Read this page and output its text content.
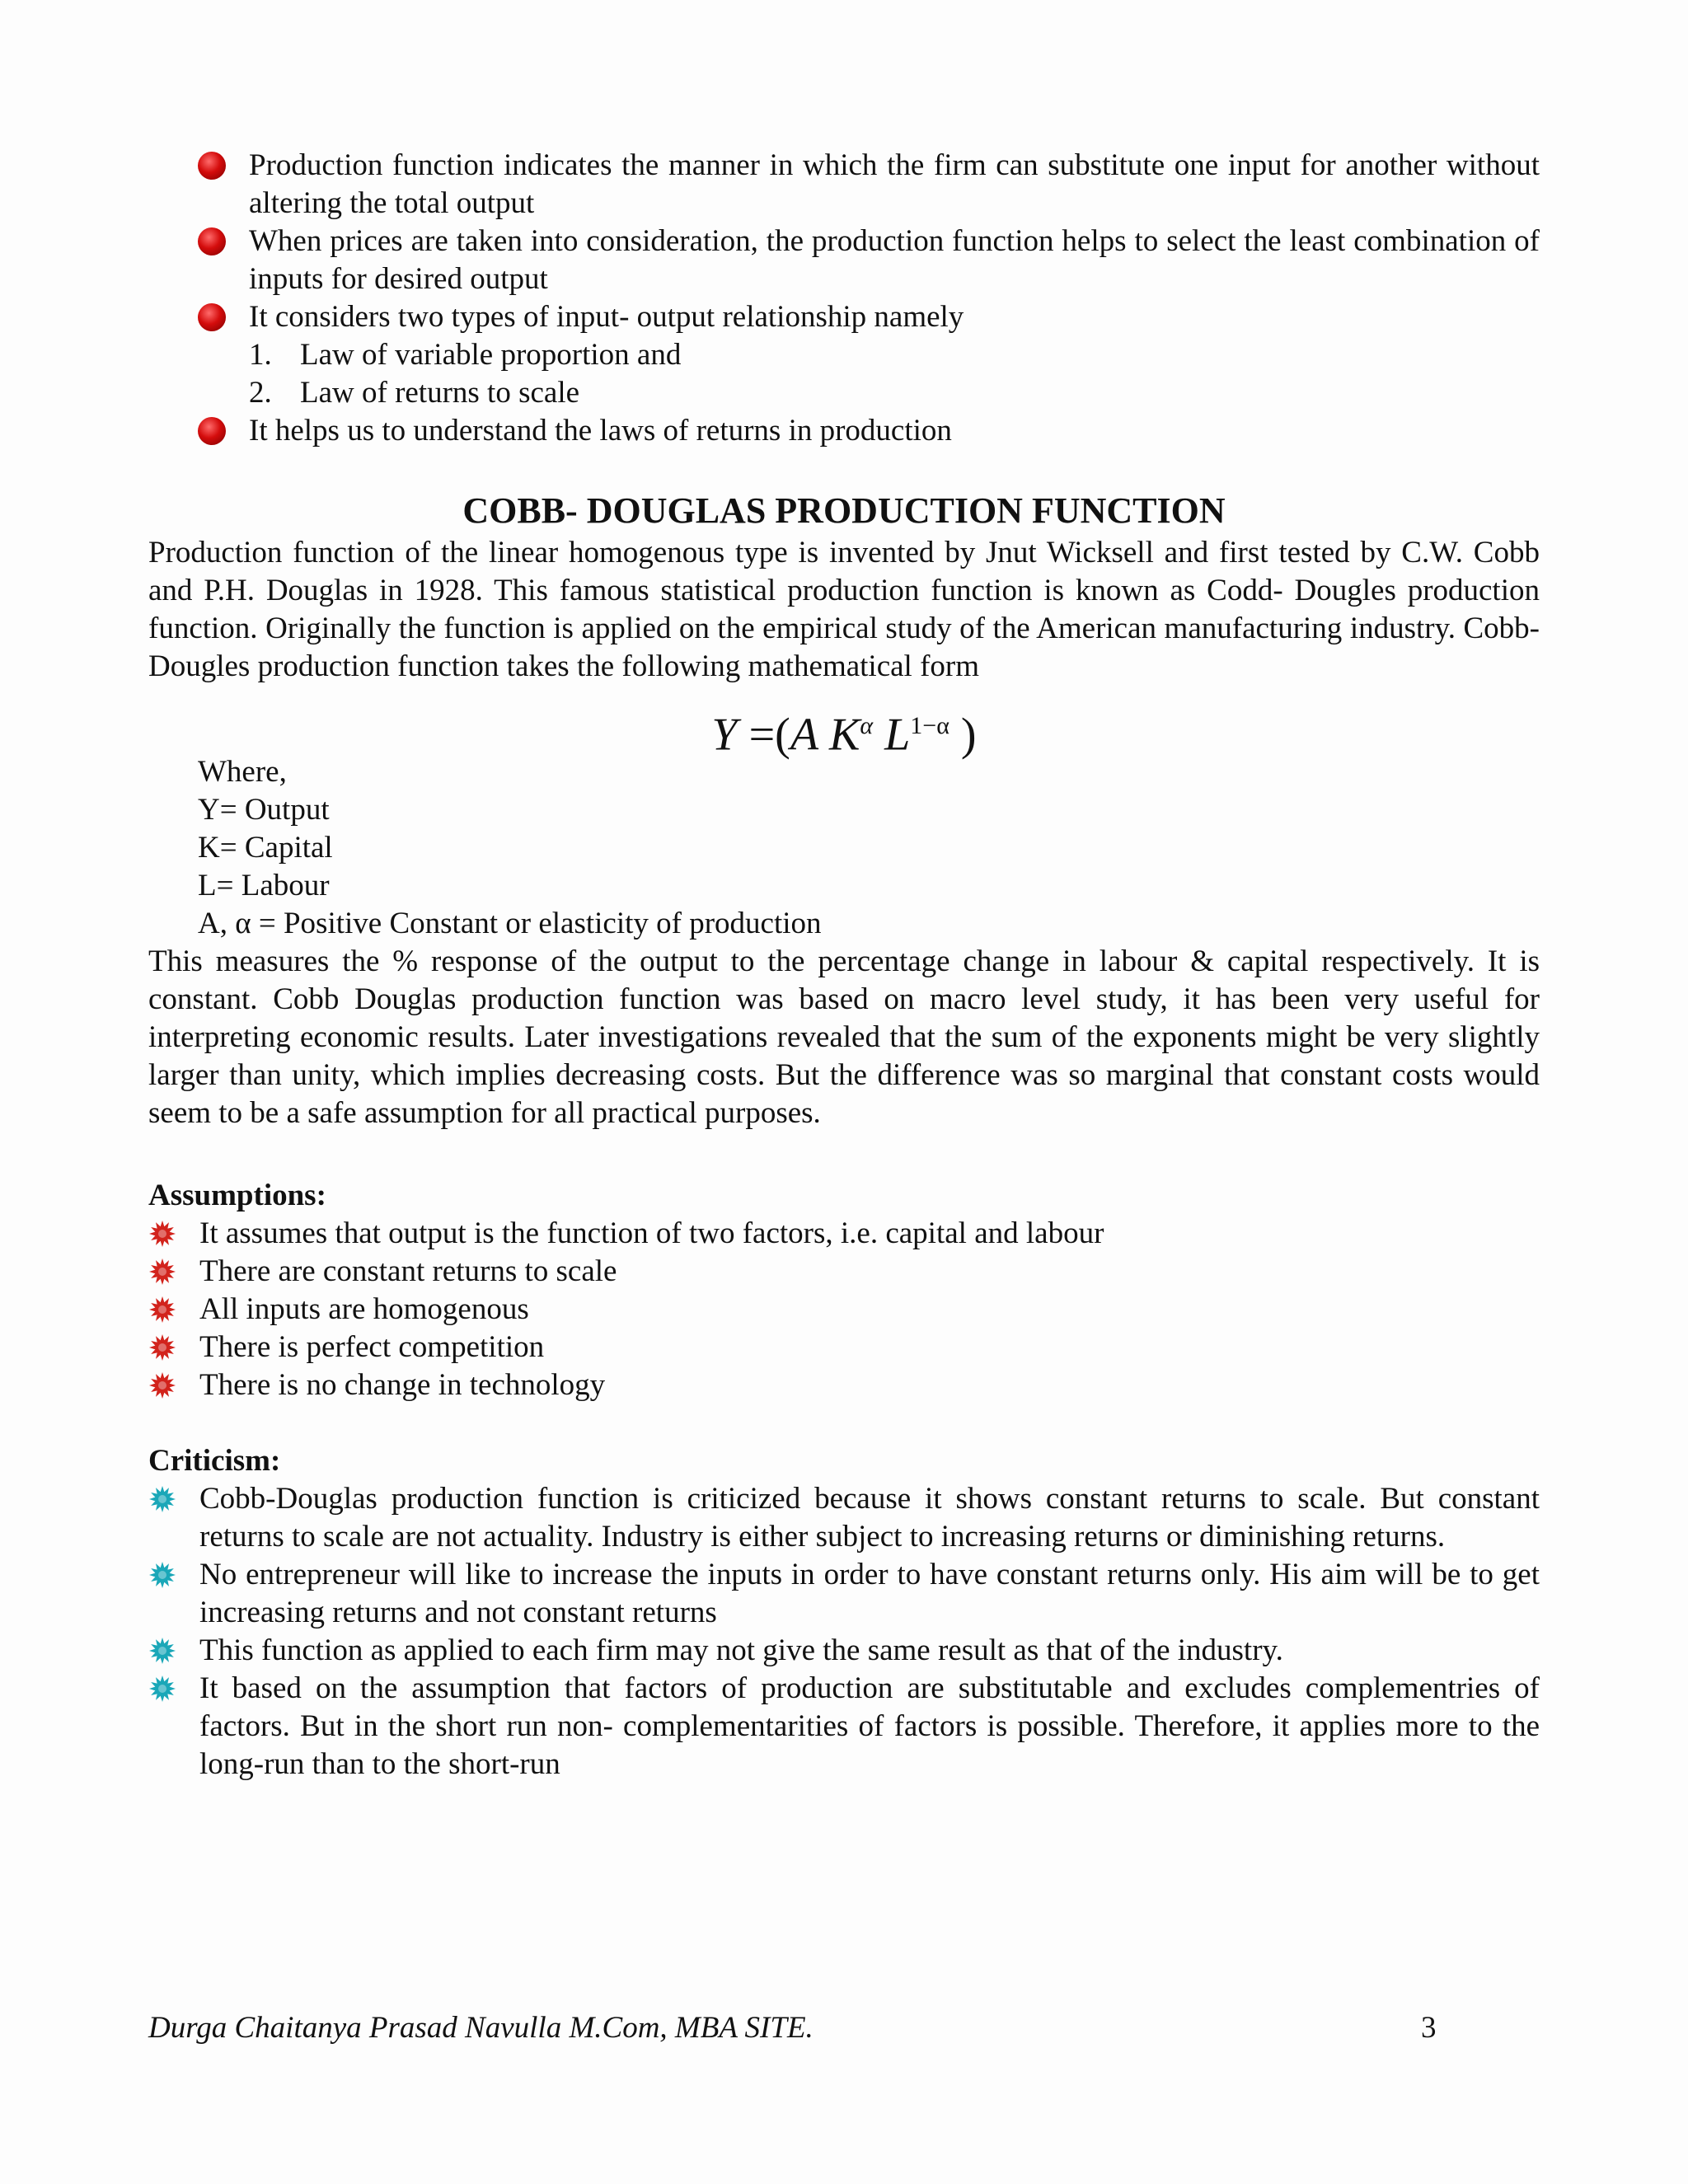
Production function indicates the manner in which the firm can substitute one input for another without altering the total output
When prices are taken into consideration, the production function helps to select the least combination of inputs for desired output
It considers two types of input- output relationship namely
1. Law of variable proportion and
2. Law of returns to scale
It helps us to understand the laws of returns in production
COBB- DOUGLAS PRODUCTION FUNCTION
Production function of the linear homogenous type is invented by Jnut Wicksell and first tested by C.W. Cobb and P.H. Douglas in 1928. This famous statistical production function is known as Codd- Dougles production function. Originally the function is applied on the empirical study of the American manufacturing industry. Cobb-Dougles production function takes the following mathematical form
Y =(A $K^\alpha$ $L^{1-\alpha}$ )
Where,
Y= Output
K= Capital
L= Labour
A, α = Positive Constant or elasticity of production
This measures the % response of the output to the percentage change in labour & capital respectively. It is constant. Cobb Douglas production function was based on macro level study, it has been very useful for interpreting economic results. Later investigations revealed that the sum of the exponents might be very slightly larger than unity, which implies decreasing costs. But the difference was so marginal that constant costs would seem to be a safe assumption for all practical purposes.
Assumptions:
It assumes that output is the function of two factors, i.e. capital and labour
There are constant returns to scale
All inputs are homogenous
There is perfect competition
There is no change in technology
Criticism:
Cobb-Douglas production function is criticized because it shows constant returns to scale. But constant returns to scale are not actuality. Industry is either subject to increasing returns or diminishing returns.
No entrepreneur will like to increase the inputs in order to have constant returns only. His aim will be to get increasing returns and not constant returns
This function as applied to each firm may not give the same result as that of the industry.
It based on the assumption that factors of production are substitutable and excludes complementries of factors. But in the short run non- complementarities of factors is possible. Therefore, it applies more to the long-run than to the short-run
Durga Chaitanya Prasad Navulla M.Com, MBA SITE.	3
